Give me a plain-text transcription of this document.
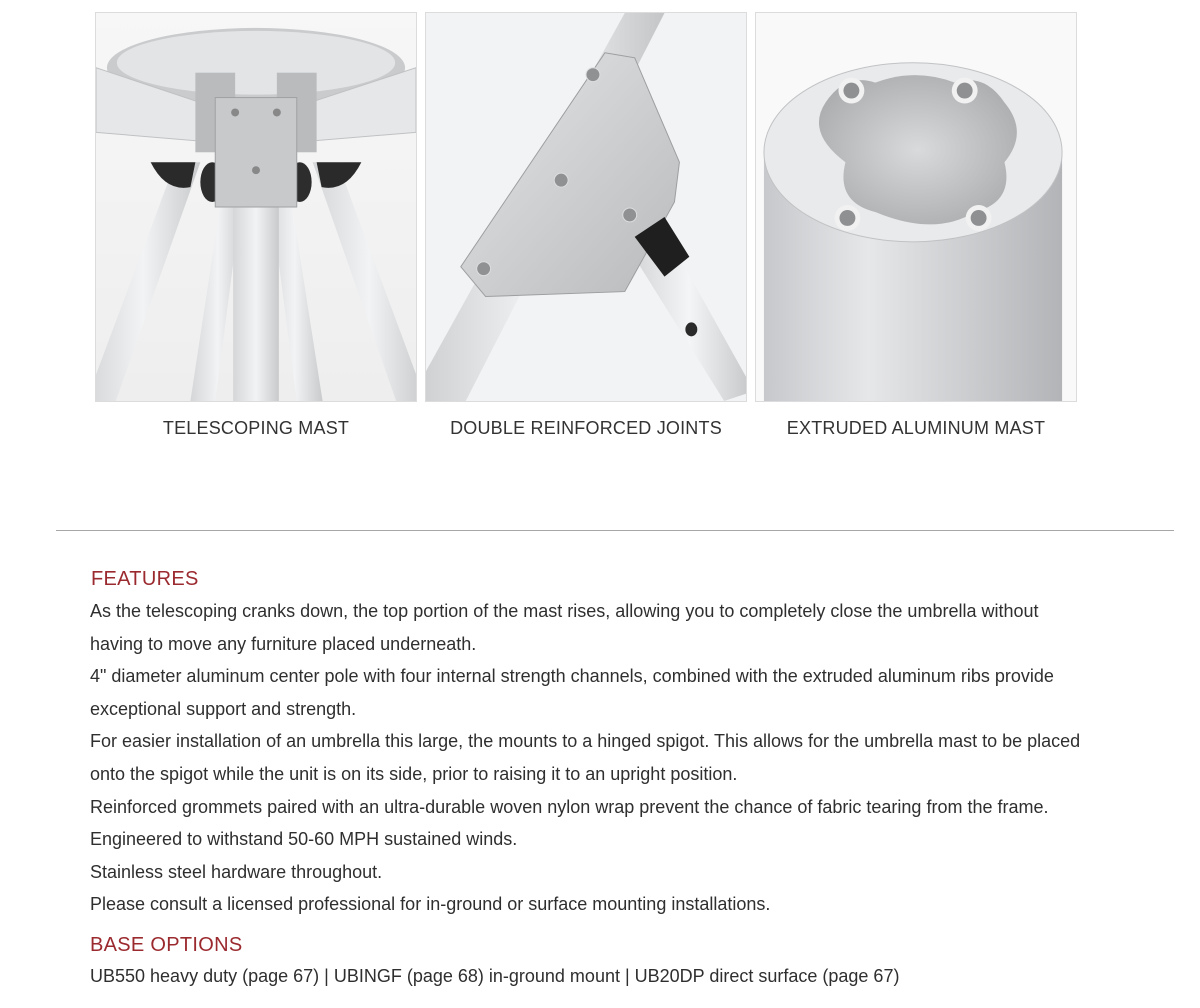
TELESCOPING MAST	DOUBLE REINFORCED JOINTS	EXTRUDED ALUMINUM MAST
FEATURES
As the telescoping cranks down, the top portion of the mast rises, allowing you to completely close the umbrella without having to move any furniture placed underneath.
4" diameter aluminum center pole with four internal strength channels, combined with the extruded aluminum ribs provide exceptional support and strength.
For easier installation of an umbrella this large, the mounts to a hinged spigot. This allows for the umbrella mast to be placed onto the spigot while the unit is on its side, prior to raising it to an upright position.
Reinforced grommets paired with an ultra-durable woven nylon wrap prevent the chance of fabric tearing from the frame.
Engineered to withstand 50-60 MPH sustained winds.
Stainless steel hardware throughout.
Please consult a licensed professional for in-ground or surface mounting installations.
BASE OPTIONS
UB550 heavy duty (page 67) | UBINGF (page 68) in-ground mount | UB20DP direct surface (page 67)
